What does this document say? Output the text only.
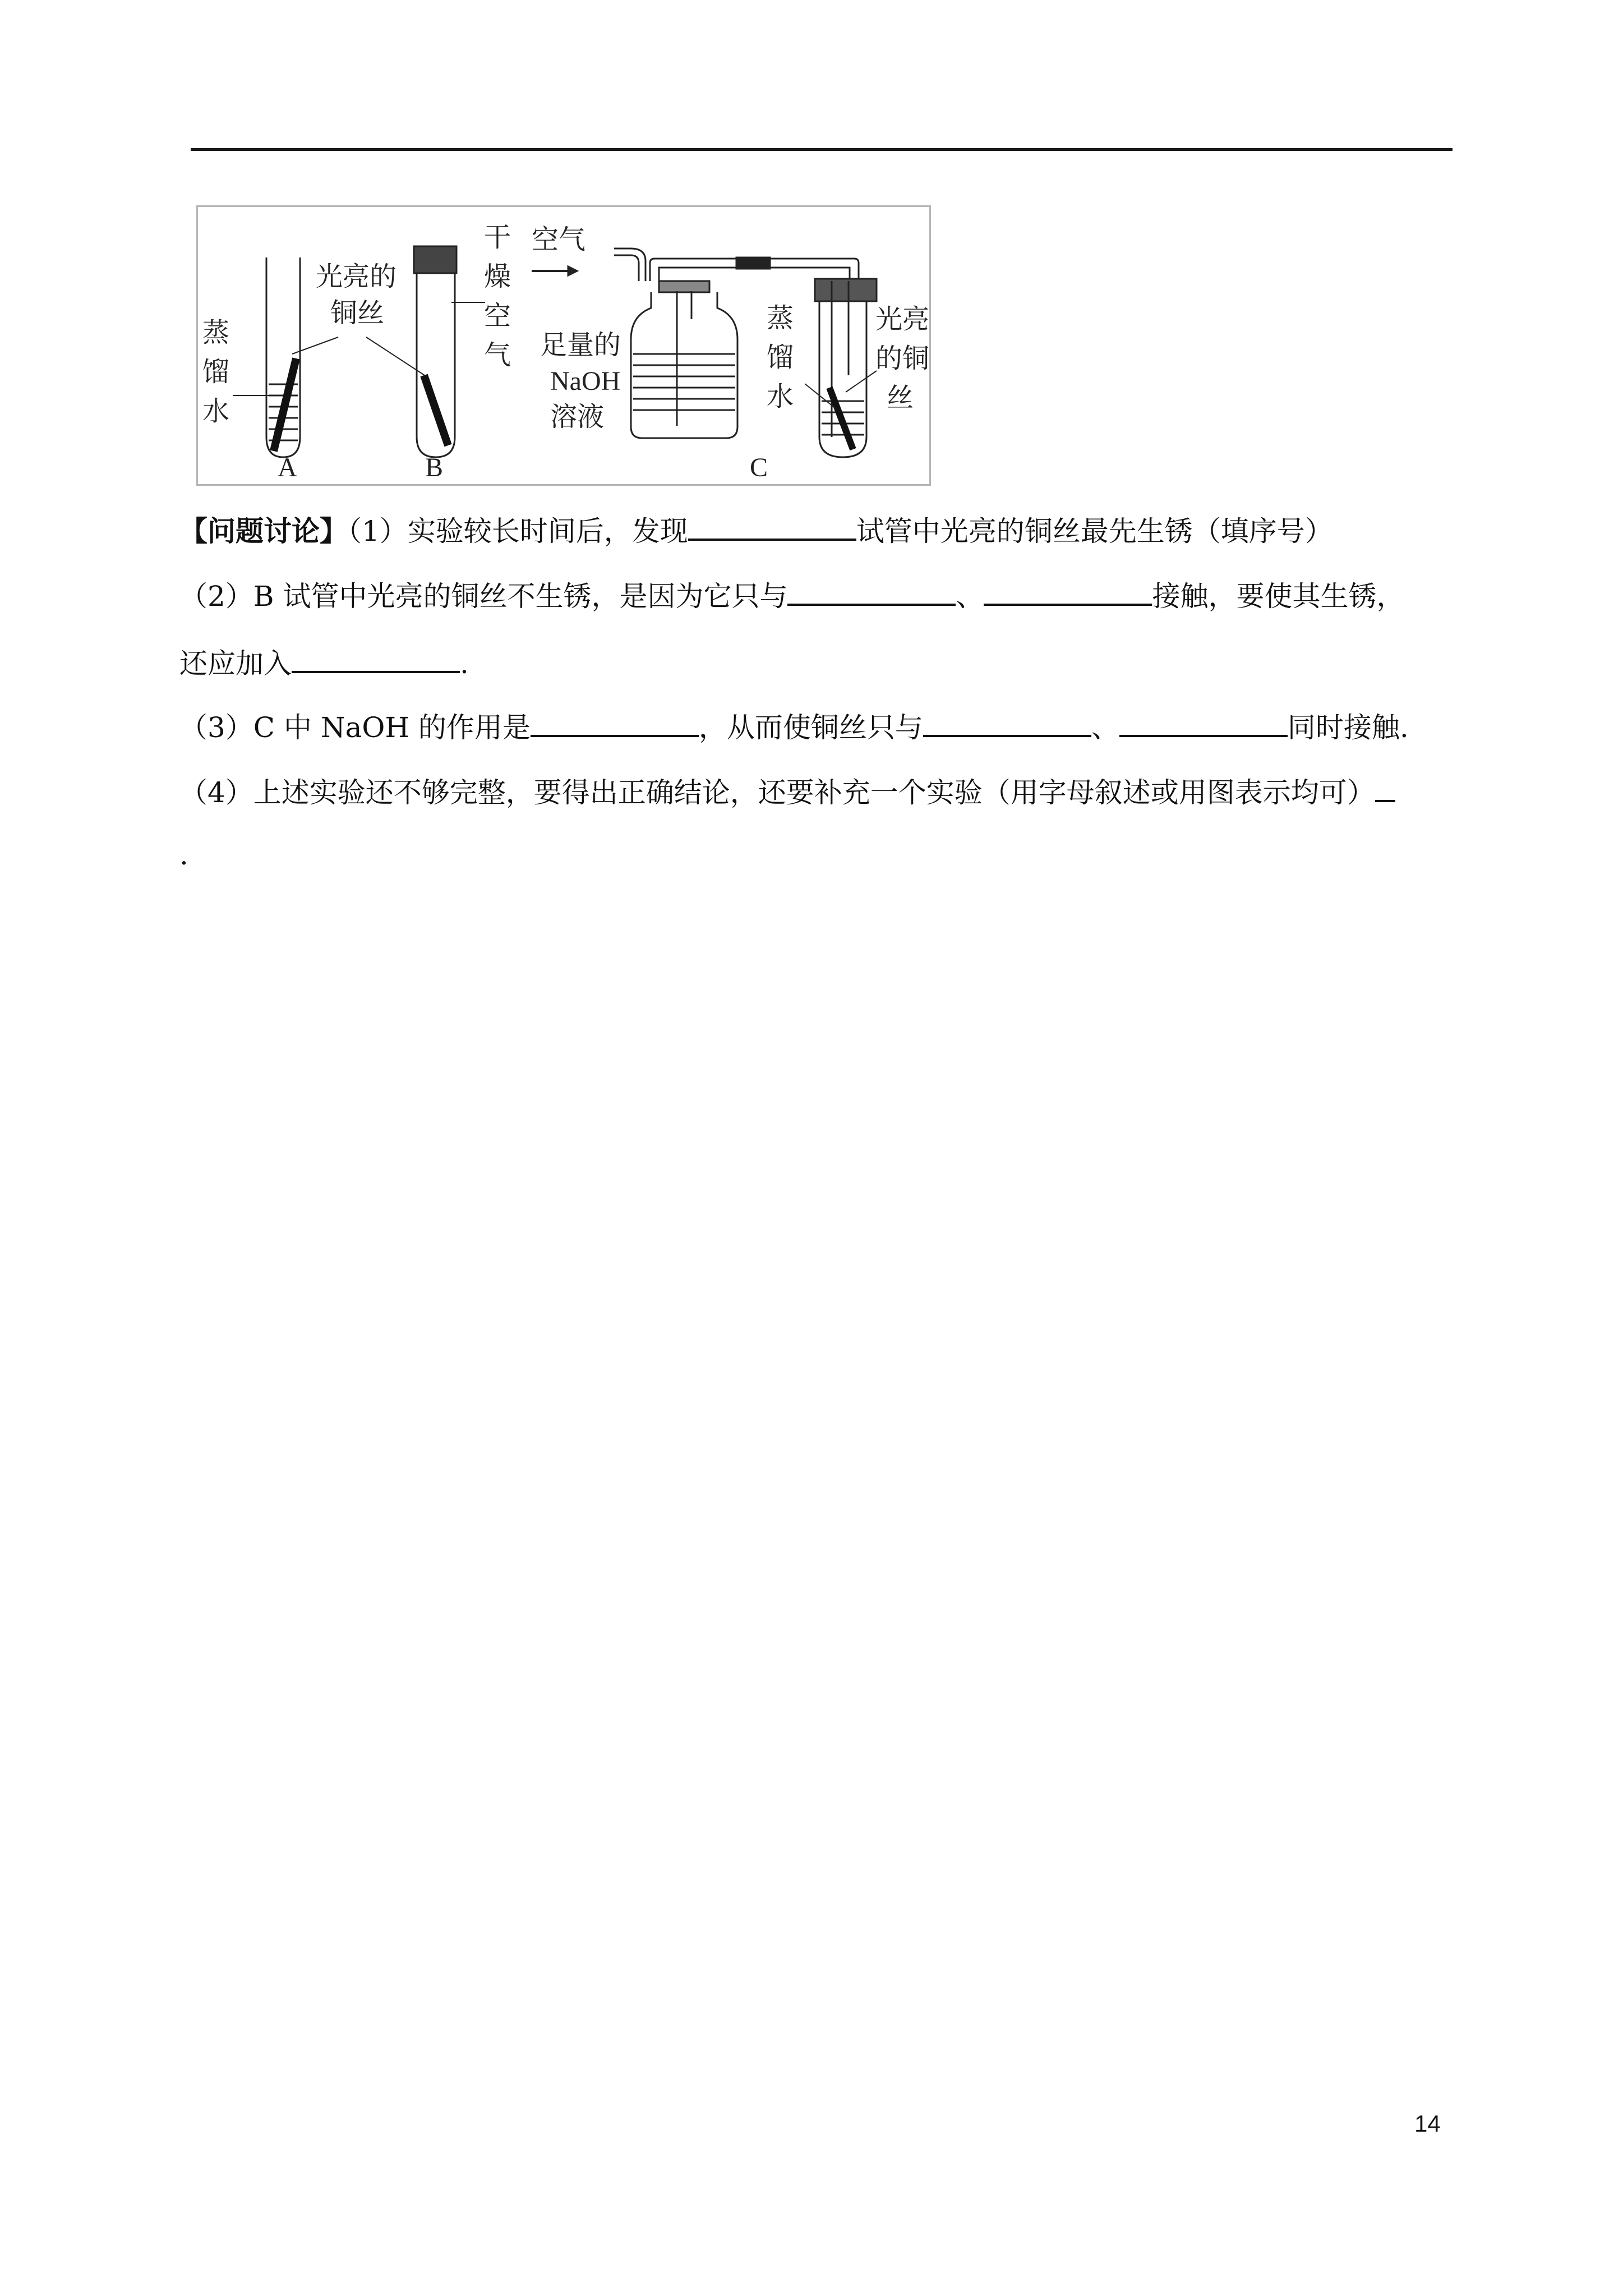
蒸
馏
水
光亮的
铜丝
A
干
燥
空
气
B
空气
足量的
NaOH
溶液
蒸
馏
水
光亮
的铜
丝
C
【问题讨论】（1）实验较长时间后，发现	试管中光亮的铜丝最先生锈（填序号）
（2）B 试管中光亮的铜丝不生锈，是因为它只与	、	接触，要使其生锈，
还应加入	.
（3）C 中 NaOH 的作用是	，从而使铜丝只与	、	同时接触.
（4）上述实验还不够完整，要得出正确结论，还要补充一个实验（用字母叙述或用图表示均可）
.
14
